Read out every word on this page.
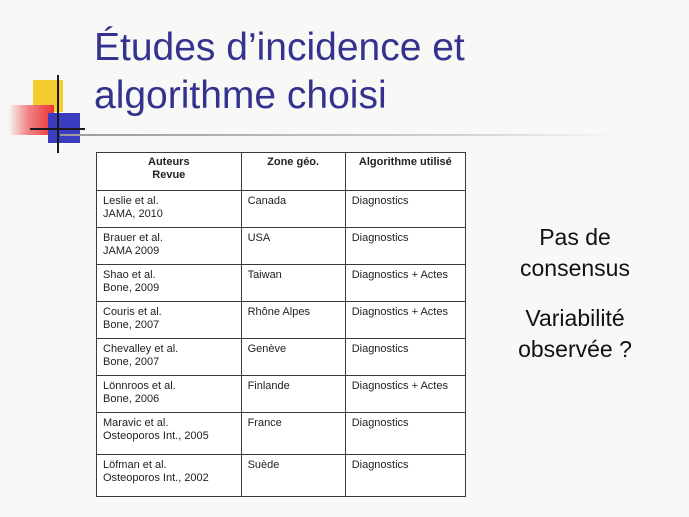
Études d’incidence et
algorithme choisi
Auteurs
Revue	Zone géo.	Algorithme utilisé

Leslie et al.
JAMA, 2010	Canada	Diagnostics

Brauer et al.
JAMA 2009	USA	Diagnostics

Shao et al.
Bone, 2009	Taiwan	Diagnostics + Actes

Couris et al.
Bone, 2007	Rhône Alpes	Diagnostics + Actes

Chevalley et al.
Bone, 2007	Genève	Diagnostics

Lönnroos et al.
Bone, 2006	Finlande	Diagnostics + Actes

Maravic et al.
Osteoporos Int., 2005	France	Diagnostics

Löfman et al.
Osteoporos Int., 2002	Suède	Diagnostics
Pas de
consensus
Variabilité
observée ?
